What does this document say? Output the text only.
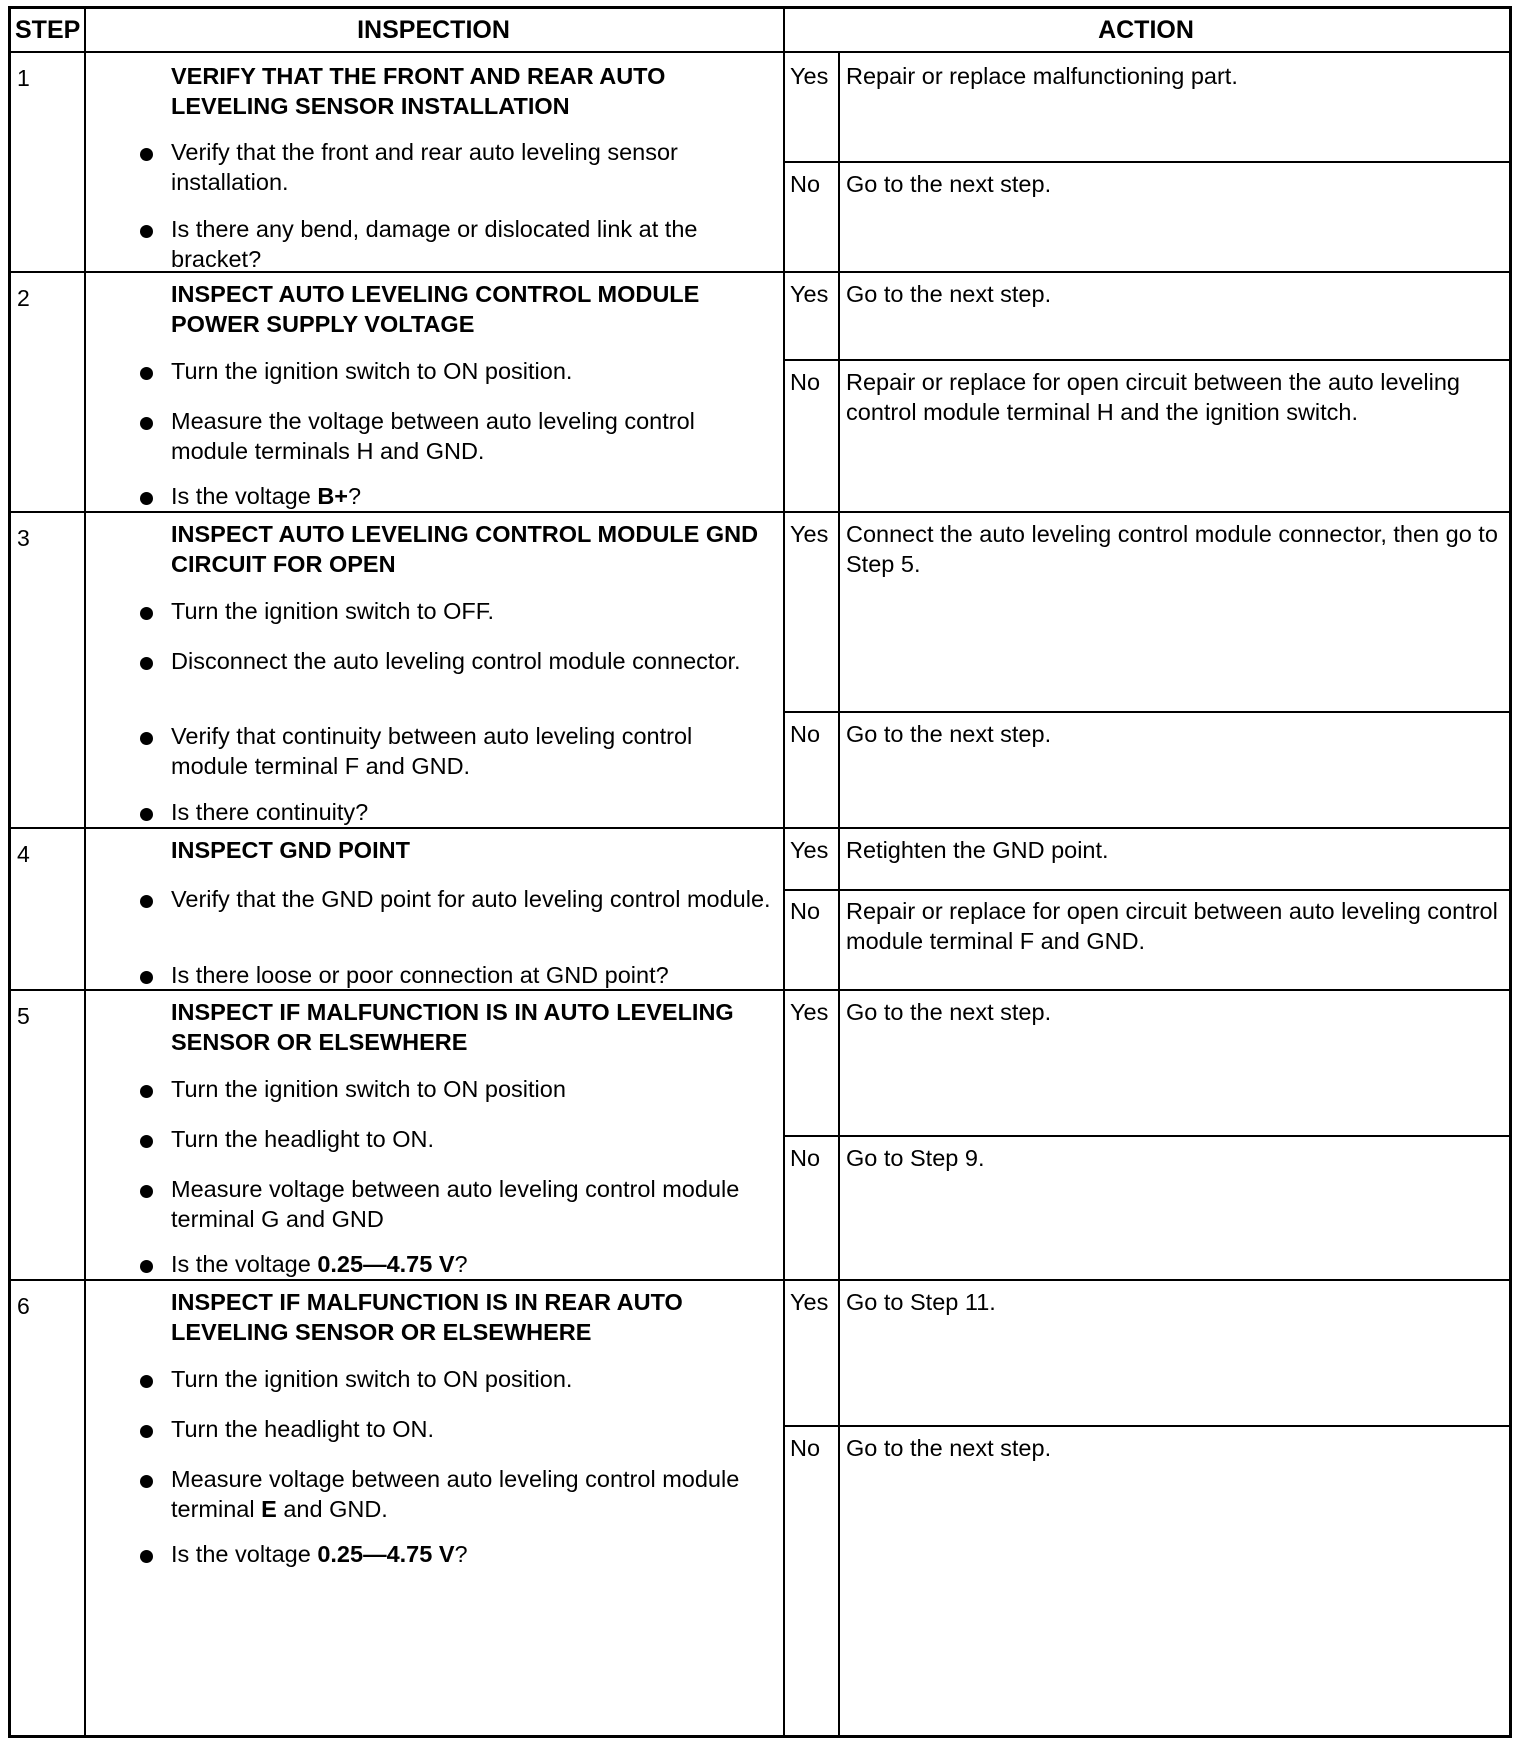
STEP	INSPECTION	ACTION
1	VERIFY THAT THE FRONT AND REAR AUTO LEVELING SENSOR INSTALLATION
Verify that the front and rear auto leveling sensor installation.
Is there any bend, damage or dislocated link at the bracket?
Yes Repair or replace malfunctioning part.
No	Go to the next step.
2	INSPECT AUTO LEVELING CONTROL MODULE POWER SUPPLY VOLTAGE
Turn the ignition switch to ON position.
Measure the voltage between auto leveling control module terminals H and GND.
Is the voltage B+?
Yes Go to the next step.
No	Repair or replace for open circuit between the auto leveling control module terminal H and the ignition switch.
3	INSPECT AUTO LEVELING CONTROL MODULE GND CIRCUIT FOR OPEN
Turn the ignition switch to OFF.
Disconnect the auto leveling control module connector.
Verify that continuity between auto leveling control module terminal F and GND.
Is there continuity?
Yes Connect the auto leveling control module connector, then go to Step 5.
No	Go to the next step.
4	INSPECT GND POINT
Verify that the GND point for auto leveling control module.
Is there loose or poor connection at GND point?
Yes Retighten the GND point.
No	Repair or replace for open circuit between auto leveling control module terminal F and GND.
5	INSPECT IF MALFUNCTION IS IN AUTO LEVELING SENSOR OR ELSEWHERE
Turn the ignition switch to ON position
Turn the headlight to ON.
Measure voltage between auto leveling control module terminal G and GND
Is the voltage 0.25—4.75 V?
Yes Go to the next step.
No	Go to Step 9.
6	INSPECT IF MALFUNCTION IS IN REAR AUTO LEVELING SENSOR OR ELSEWHERE
Turn the ignition switch to ON position.
Turn the headlight to ON.
Measure voltage between auto leveling control module terminal E and GND.
Is the voltage 0.25—4.75 V?
Yes Go to Step 11.
No	Go to the next step.
